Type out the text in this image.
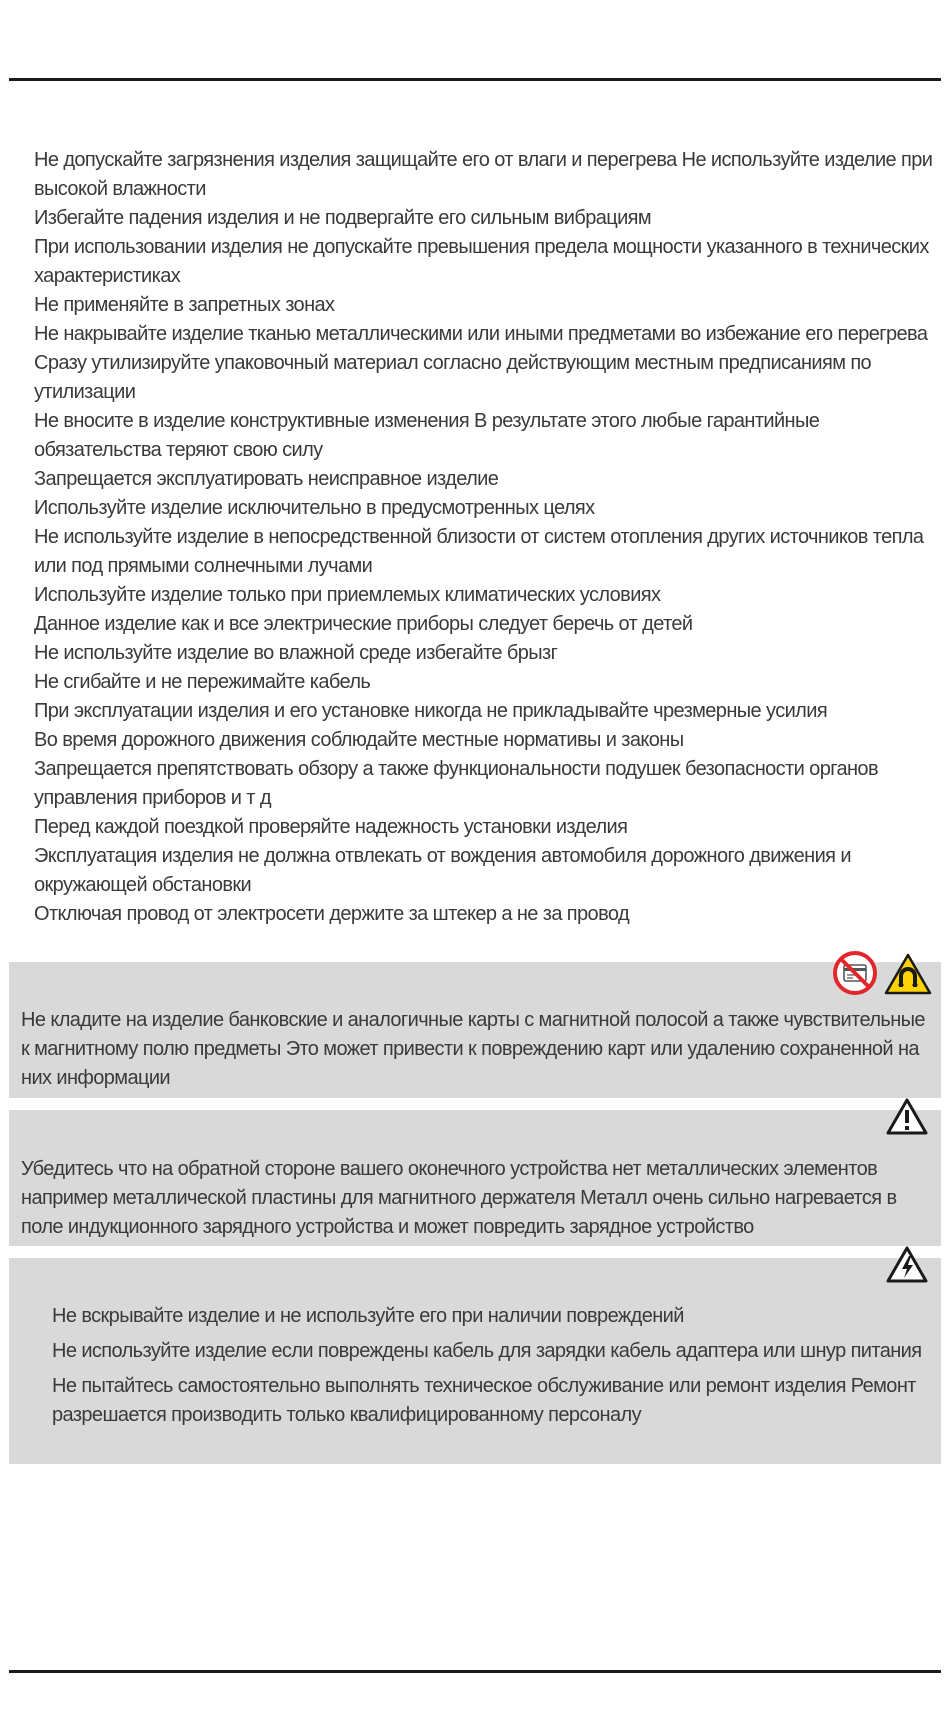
Не допускайте загрязнения изделия защищайте его от влаги и перегрева Не используйте изделие при высокой влажности
Избегайте падения изделия и не подвергайте его сильным вибрациям
При использовании изделия не допускайте превышения предела мощности указанного в технических характеристиках
Не применяйте в запретных зонах
Не накрывайте изделие тканью металлическими или иными предметами во избежание его перегрева
Сразу утилизируйте упаковочный материал согласно действующим местным предписаниям по утилизации
Не вносите в изделие конструктивные изменения В результате этого любые гарантийные обязательства теряют свою силу
Запрещается эксплуатировать неисправное изделие
Используйте изделие исключительно в предусмотренных целях
Не используйте изделие в непосредственной близости от систем отопления других источников тепла или под прямыми солнечными лучами
Используйте изделие только при приемлемых климатических условиях
Данное изделие как и все электрические приборы следует беречь от детей
Не используйте изделие во влажной среде избегайте брызг
Не сгибайте и не пережимайте кабель
При эксплуатации изделия и его установке никогда не прикладывайте чрезмерные усилия
Во время дорожного движения соблюдайте местные нормативы и законы
Запрещается препятствовать обзору а также функциональности подушек безопасности органов управления приборов и т д
Перед каждой поездкой проверяйте надежность установки изделия
Эксплуатация изделия не должна отвлекать от вождения автомобиля дорожного движения и окружающей обстановки
Отключая провод от электросети держите за штекер а не за провод

Не кладите на изделие банковские и аналогичные карты с магнитной полосой а также чувствительные к магнитному полю предметы Это может привести к повреждению карт или удалению сохраненной на них информации

Убедитесь что на обратной стороне вашего оконечного устройства нет металлических элементов например металлической пластины для магнитного держателя Металл очень сильно нагревается в поле индукционного зарядного устройства и может повредить зарядное устройство

Не вскрывайте изделие и не используйте его при наличии повреждений
Не используйте изделие если повреждены кабель для зарядки кабель адаптера или шнур питания
Не пытайтесь самостоятельно выполнять техническое обслуживание или ремонт изделия Ремонт разрешается производить только квалифицированному персоналу
